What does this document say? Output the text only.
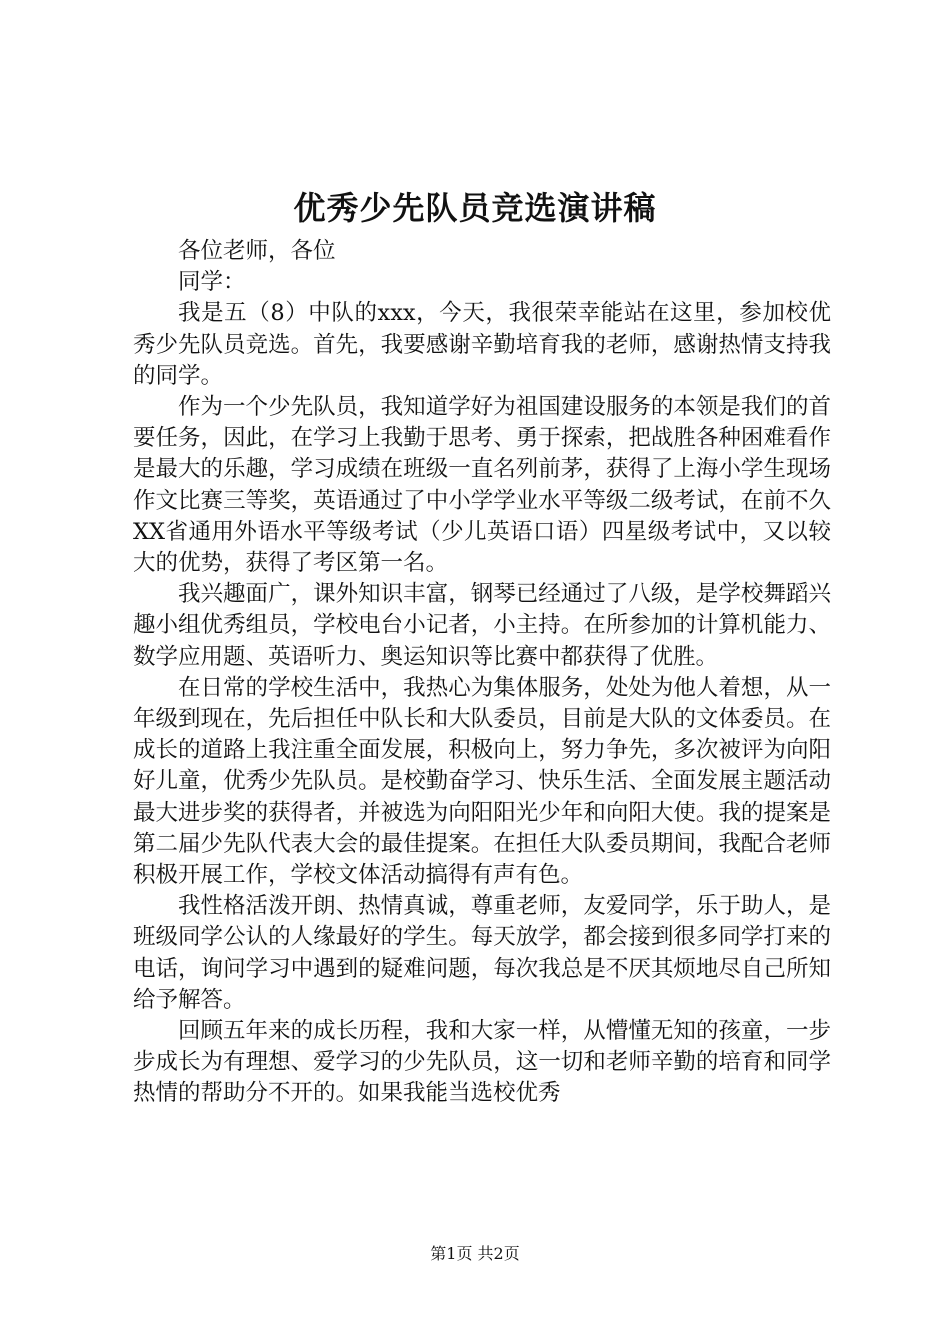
优秀少先队员竞选演讲稿

各位老师，各位

同学：

我是五（8）中队的xxx，今天，我很荣幸能站在这里，参加校优秀少先队员竞选。首先，我要感谢辛勤培育我的老师，感谢热情支持我的同学。

作为一个少先队员，我知道学好为祖国建设服务的本领是我们的首要任务，因此，在学习上我勤于思考、勇于探索，把战胜各种困难看作是最大的乐趣，学习成绩在班级一直名列前茅，获得了上海小学生现场作文比赛三等奖，英语通过了中小学学业水平等级二级考试，在前不久XX省通用外语水平等级考试（少儿英语口语）四星级考试中，又以较大的优势，获得了考区第一名。

我兴趣面广，课外知识丰富，钢琴已经通过了八级，是学校舞蹈兴趣小组优秀组员，学校电台小记者，小主持。在所参加的计算机能力、数学应用题、英语听力、奥运知识等比赛中都获得了优胜。

在日常的学校生活中，我热心为集体服务，处处为他人着想，从一年级到现在，先后担任中队长和大队委员，目前是大队的文体委员。在成长的道路上我注重全面发展，积极向上，努力争先，多次被评为向阳好儿童，优秀少先队员。是校勤奋学习、快乐生活、全面发展主题活动最大进步奖的获得者，并被选为向阳阳光少年和向阳大使。我的提案是第二届少先队代表大会的最佳提案。在担任大队委员期间，我配合老师积极开展工作，学校文体活动搞得有声有色。

我性格活泼开朗、热情真诚，尊重老师，友爱同学，乐于助人，是班级同学公认的人缘最好的学生。每天放学，都会接到很多同学打来的电话，询问学习中遇到的疑难问题，每次我总是不厌其烦地尽自己所知给予解答。

回顾五年来的成长历程，我和大家一样，从懵懂无知的孩童，一步步成长为有理想、爱学习的少先队员，这一切和老师辛勤的培育和同学热情的帮助分不开的。如果我能当选校优秀

第1页 共2页
